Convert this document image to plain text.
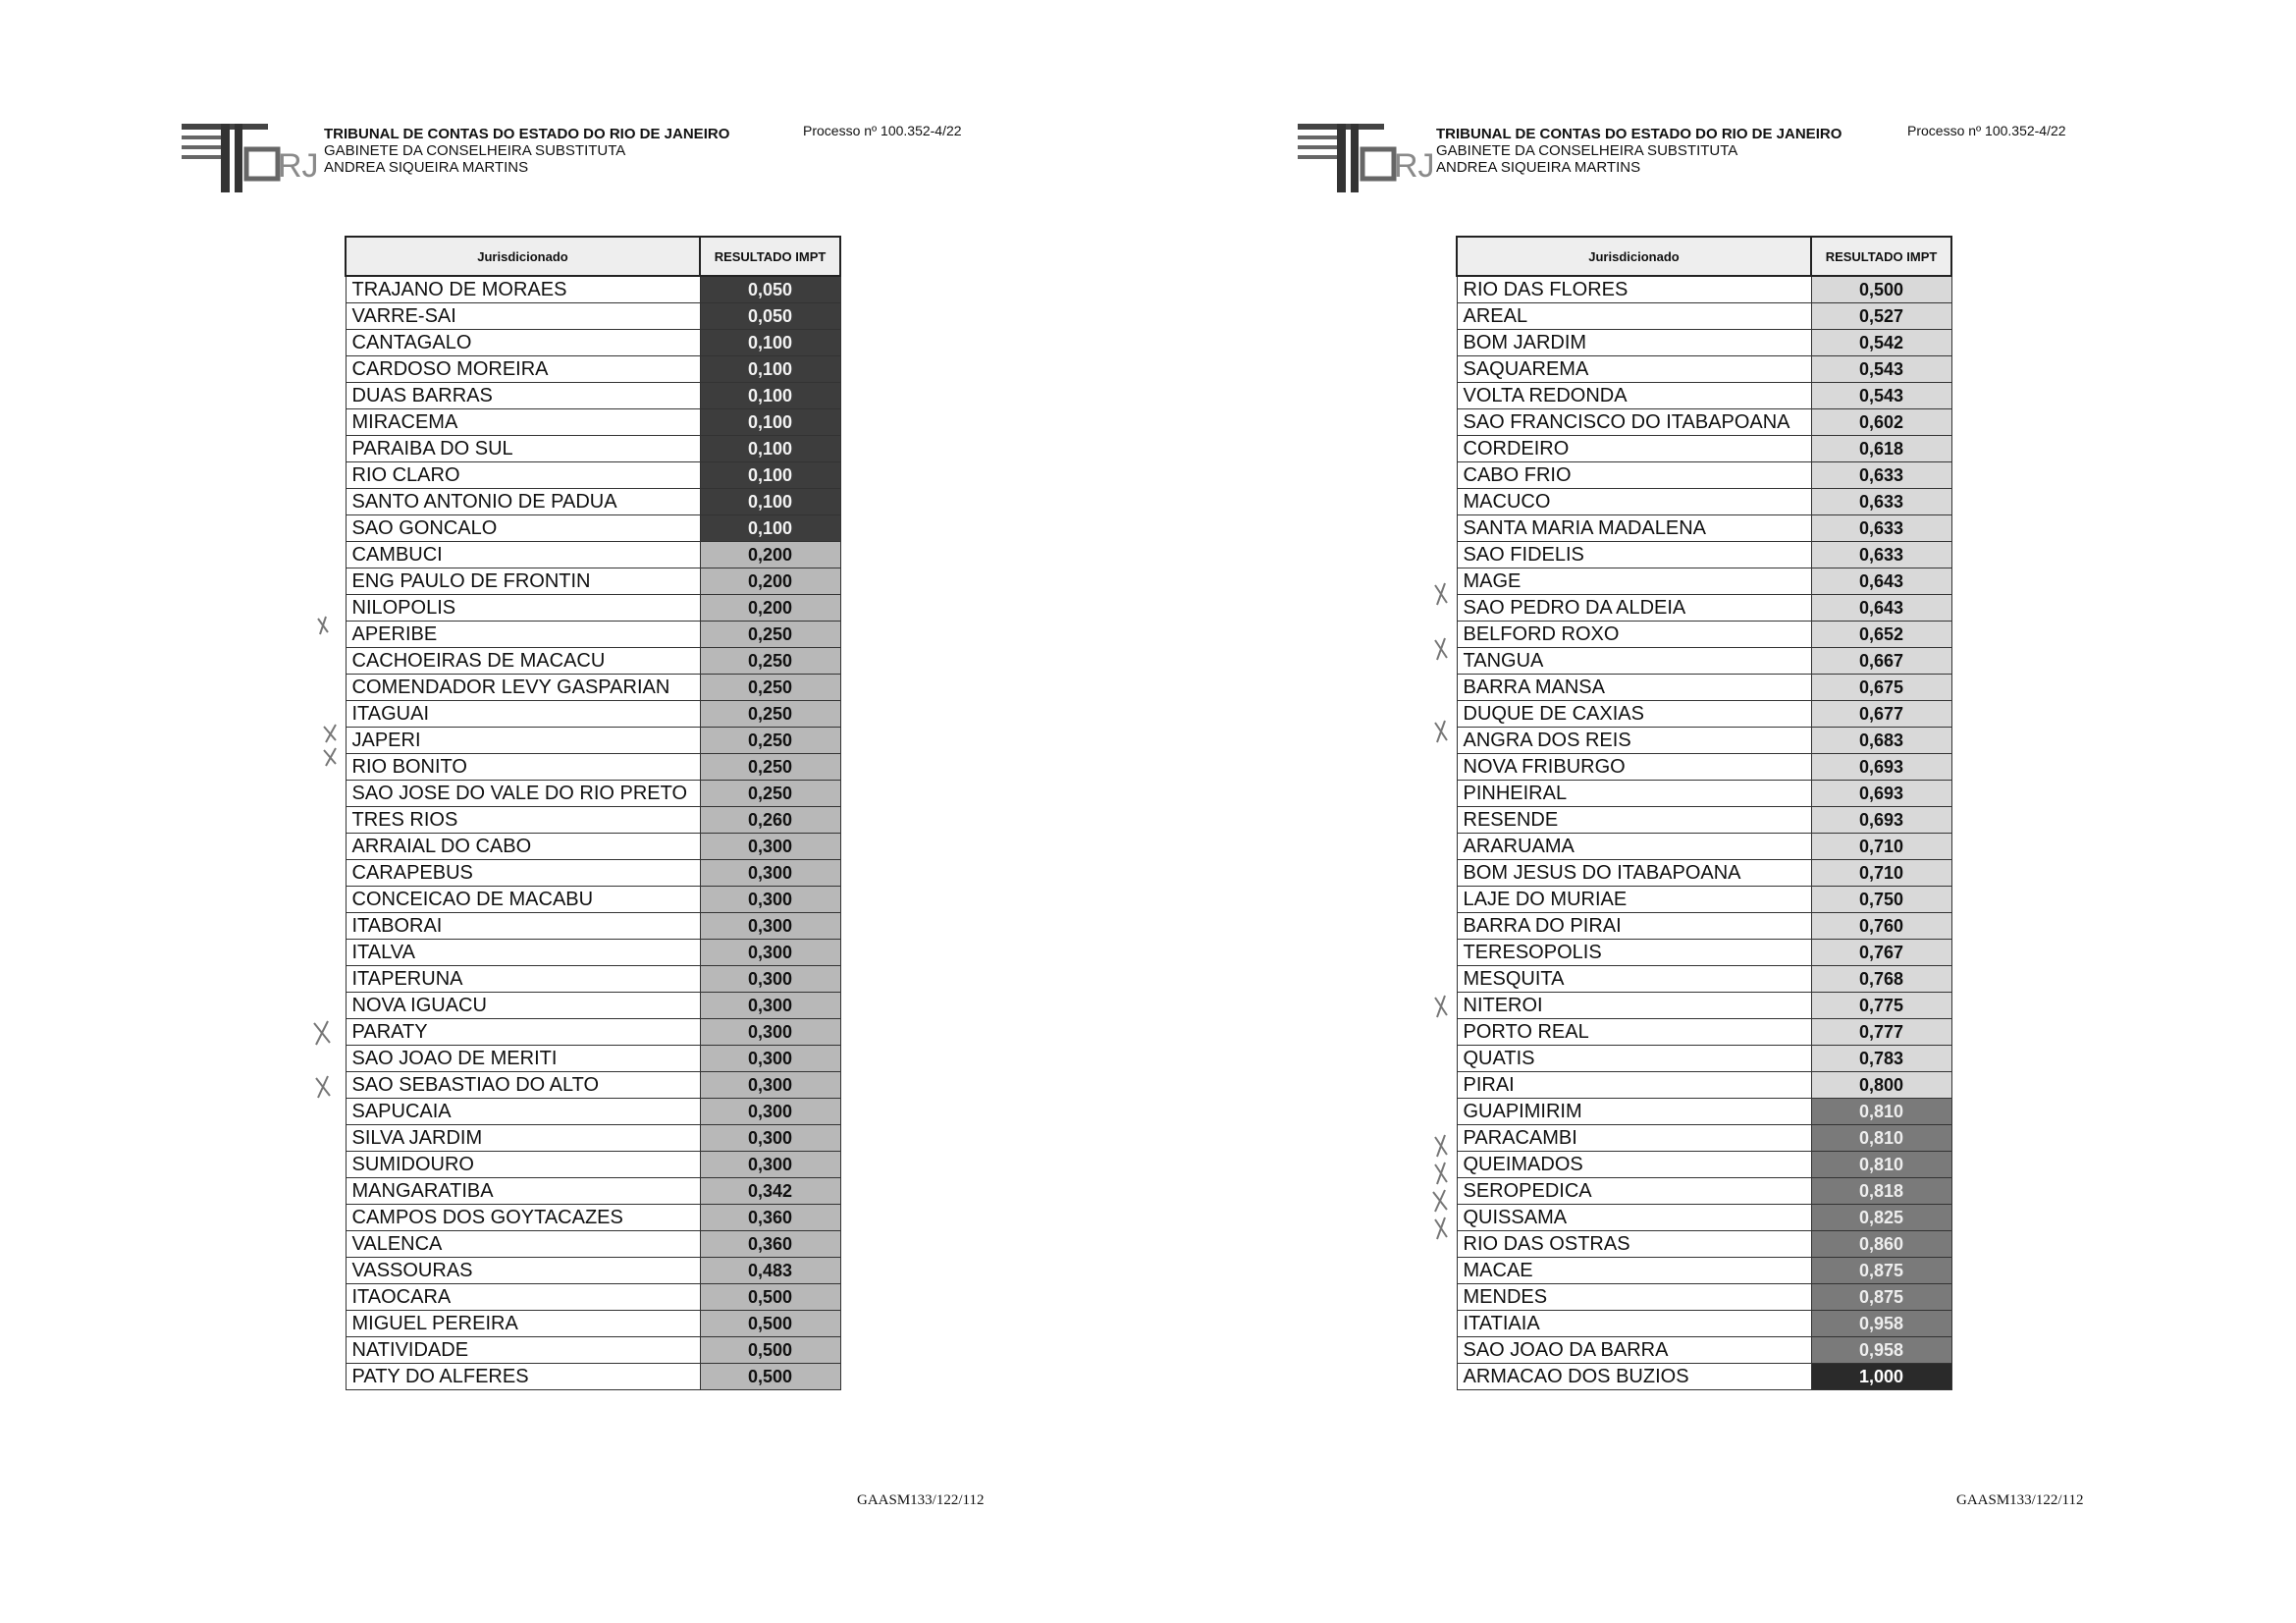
RJ
TRIBUNAL DE CONTAS DO ESTADO DO RIO DE JANEIRO
GABINETE DA CONSELHEIRA SUBSTITUTA
ANDREA SIQUEIRA MARTINS
Processo nº 100.352-4/22
Jurisdicionado	RESULTADO IMPT
TRAJANO DE MORAES	0,050
VARRE-SAI	0,050
CANTAGALO	0,100
CARDOSO MOREIRA	0,100
DUAS BARRAS	0,100
MIRACEMA	0,100
PARAIBA DO SUL	0,100
RIO CLARO	0,100
SANTO ANTONIO DE PADUA	0,100
SAO GONCALO	0,100
CAMBUCI	0,200
ENG PAULO DE FRONTIN	0,200
NILOPOLIS	0,200
APERIBE	0,250
CACHOEIRAS DE MACACU	0,250
COMENDADOR LEVY GASPARIAN	0,250
ITAGUAI	0,250
JAPERI	0,250
RIO BONITO	0,250
SAO JOSE DO VALE DO RIO PRETO	0,250
TRES RIOS	0,260
ARRAIAL DO CABO	0,300
CARAPEBUS	0,300
CONCEICAO DE MACABU	0,300
ITABORAI	0,300
ITALVA	0,300
ITAPERUNA	0,300
NOVA IGUACU	0,300
PARATY	0,300
SAO JOAO DE MERITI	0,300
SAO SEBASTIAO DO ALTO	0,300
SAPUCAIA	0,300
SILVA JARDIM	0,300
SUMIDOURO	0,300
MANGARATIBA	0,342
CAMPOS DOS GOYTACAZES	0,360
VALENCA	0,360
VASSOURAS	0,483
ITAOCARA	0,500
MIGUEL PEREIRA	0,500
NATIVIDADE	0,500
PATY DO ALFERES	0,500
GAASM133/122/112
RJ
TRIBUNAL DE CONTAS DO ESTADO DO RIO DE JANEIRO
GABINETE DA CONSELHEIRA SUBSTITUTA
ANDREA SIQUEIRA MARTINS
Processo nº 100.352-4/22
Jurisdicionado	RESULTADO IMPT
RIO DAS FLORES	0,500
AREAL	0,527
BOM JARDIM	0,542
SAQUAREMA	0,543
VOLTA REDONDA	0,543
SAO FRANCISCO DO ITABAPOANA	0,602
CORDEIRO	0,618
CABO FRIO	0,633
MACUCO	0,633
SANTA MARIA MADALENA	0,633
SAO FIDELIS	0,633
MAGE	0,643
SAO PEDRO DA ALDEIA	0,643
BELFORD ROXO	0,652
TANGUA	0,667
BARRA MANSA	0,675
DUQUE DE CAXIAS	0,677
ANGRA DOS REIS	0,683
NOVA FRIBURGO	0,693
PINHEIRAL	0,693
RESENDE	0,693
ARARUAMA	0,710
BOM JESUS DO ITABAPOANA	0,710
LAJE DO MURIAE	0,750
BARRA DO PIRAI	0,760
TERESOPOLIS	0,767
MESQUITA	0,768
NITEROI	0,775
PORTO REAL	0,777
QUATIS	0,783
PIRAI	0,800
GUAPIMIRIM	0,810
PARACAMBI	0,810
QUEIMADOS	0,810
SEROPEDICA	0,818
QUISSAMA	0,825
RIO DAS OSTRAS	0,860
MACAE	0,875
MENDES	0,875
ITATIAIA	0,958
SAO JOAO DA BARRA	0,958
ARMACAO DOS BUZIOS	1,000
GAASM133/122/112
